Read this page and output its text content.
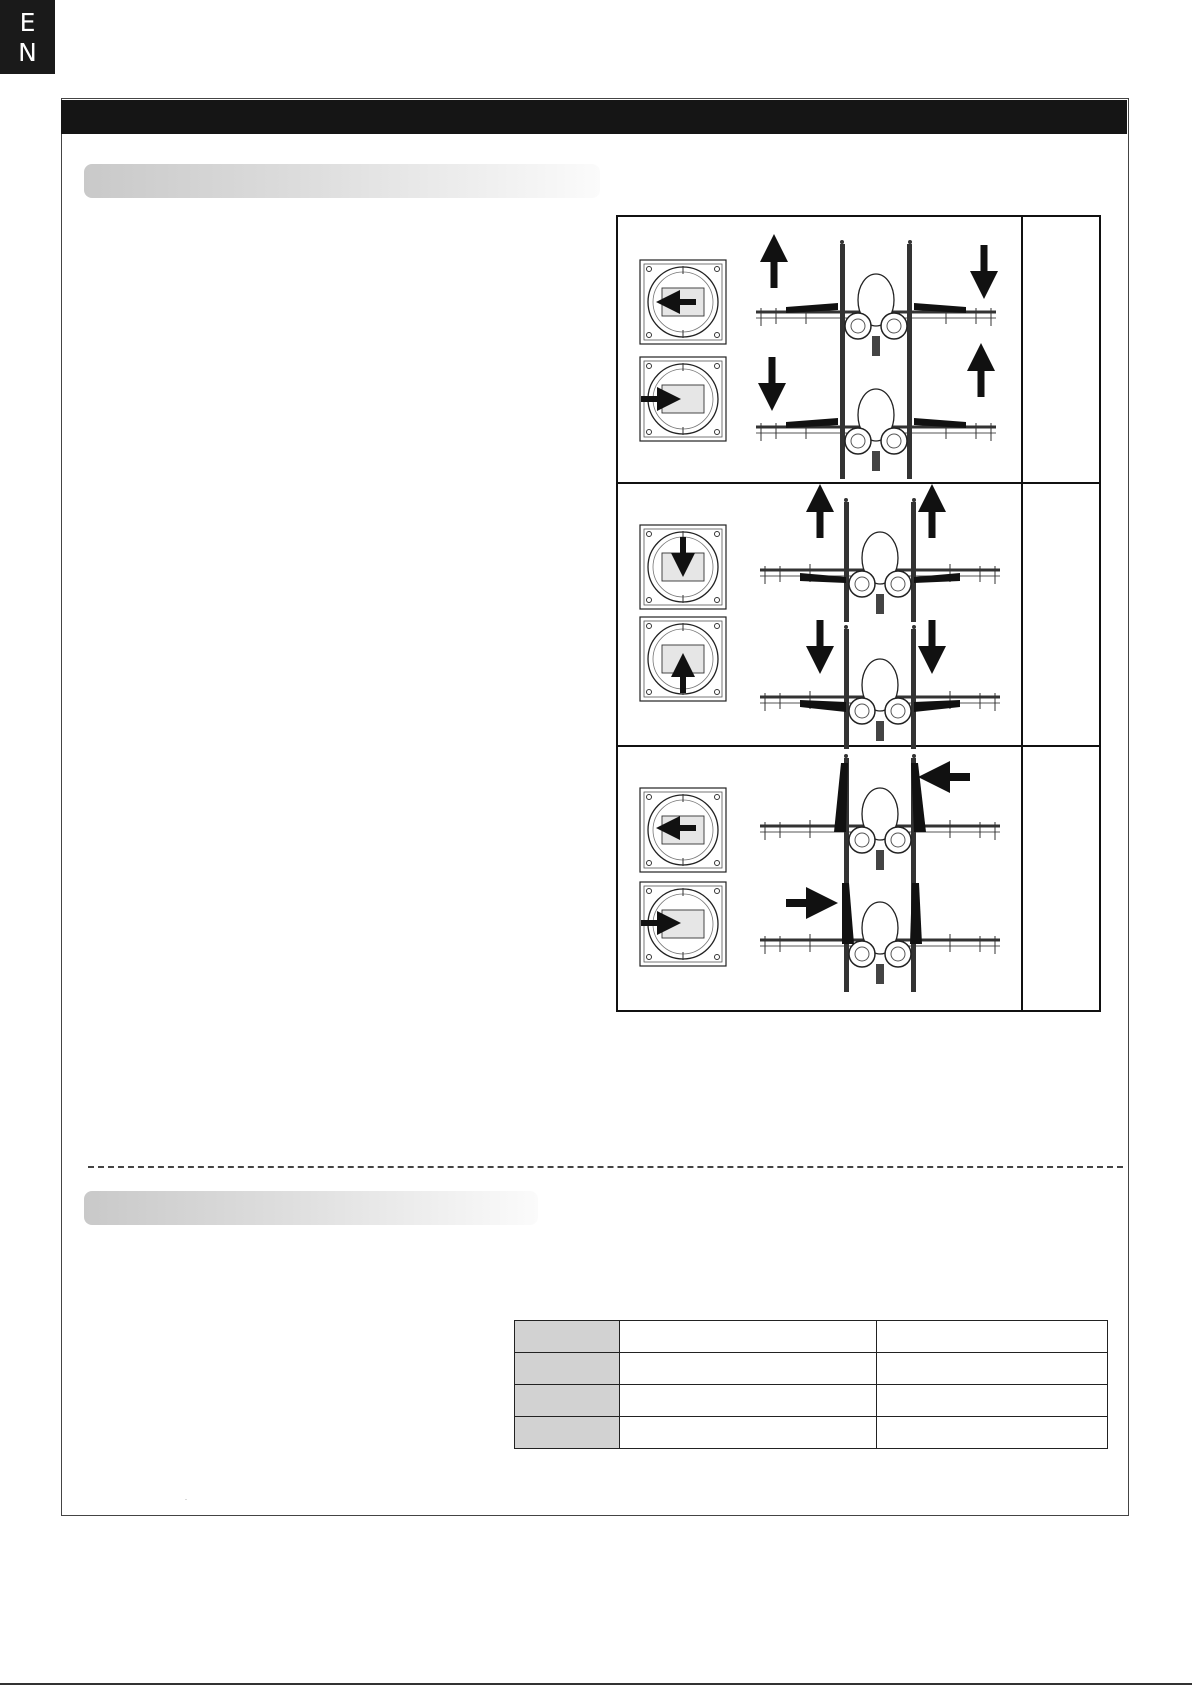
E
N

·
